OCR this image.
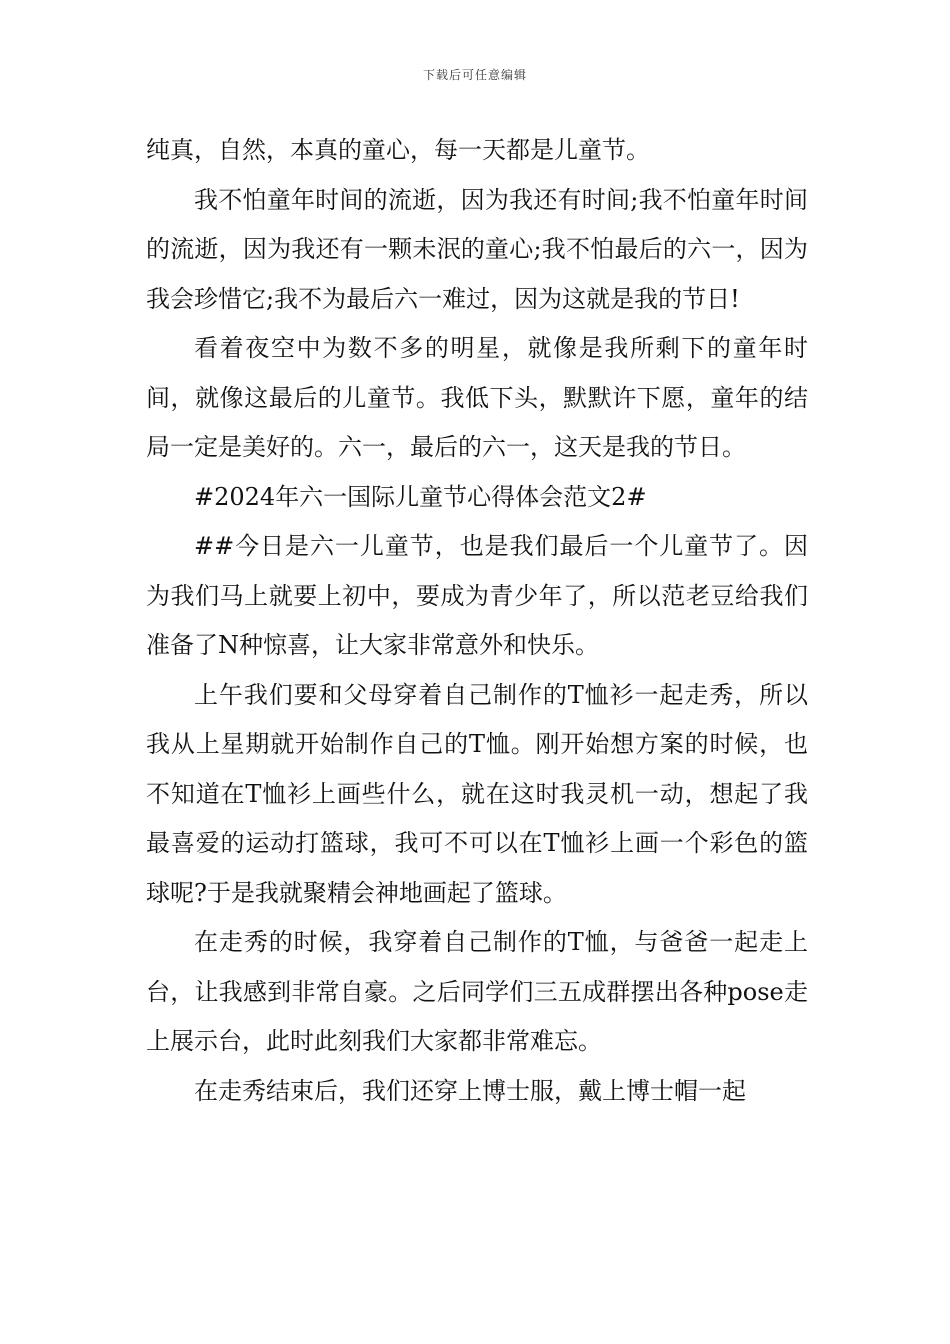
下载后可任意编辑

纯真，自然，本真的童心，每一天都是儿童节。

我不怕童年时间的流逝，因为我还有时间;我不怕童年时间的流逝，因为我还有一颗未泯的童心;我不怕最后的六一，因为我会珍惜它;我不为最后六一难过，因为这就是我的节日!

看着夜空中为数不多的明星，就像是我所剩下的童年时间，就像这最后的儿童节。我低下头，默默许下愿，童年的结局一定是美好的。六一，最后的六一，这天是我的节日。

#2024年六一国际儿童节心得体会范文2#

##今日是六一儿童节，也是我们最后一个儿童节了。因为我们马上就要上初中，要成为青少年了，所以范老豆给我们准备了N种惊喜，让大家非常意外和快乐。

上午我们要和父母穿着自己制作的T恤衫一起走秀，所以我从上星期就开始制作自己的T恤。刚开始想方案的时候，也不知道在T恤衫上画些什么，就在这时我灵机一动，想起了我最喜爱的运动打篮球，我可不可以在T恤衫上画一个彩色的篮球呢?于是我就聚精会神地画起了篮球。

在走秀的时候，我穿着自己制作的T恤，与爸爸一起走上台，让我感到非常自豪。之后同学们三五成群摆出各种pose走上展示台，此时此刻我们大家都非常难忘。

在走秀结束后，我们还穿上博士服，戴上博士帽一起
